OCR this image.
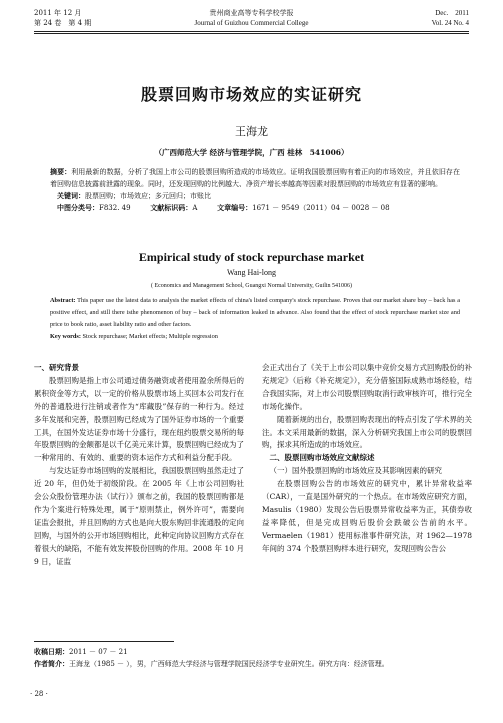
2011 年 12 月
第 24 卷　第 4 期
贵州商业高等专科学校学报
Journal of Guizhou Commercial College
Dec.　2011
Vol. 24 No. 4
股票回购市场效应的实证研究
王海龙
（广西师范大学 经济与管理学院，广西 桂林　541006）
摘要：利用最新的数据，分析了我国上市公司的股票回购所造成的市场效应。证明我国股票回购有着正向的市场效应，并且依旧存在着回购信息披露前泄露的现象。同时，还发现回购的比例越大、净资产增长率越高等因素对股票回购的市场效应有显著的影响。
关键词：股票回购；市场效应；多元回归；市账比
中图分类号：F832. 49	文献标识码：A	文章编号：1671 － 9549（2011）04 － 0028 － 08
Empirical study of stock repurchase market
Wang Hai-long
( Economics and Management School, Guangxi Normal University, Guilin 541006)
Abstract: This paper use the latest data to analysis the market effects of china's listed company's stock repurchase. Proves that our market share buy – back has a positive effect, and still there isthe phenomenon of buy – back of information leaked in advance. Also found that the effect of stock repurchase market size and price to book ratio, asset liability ratio and other factors.
Key words: Stock repurchase; Market effects; Multiple regression
一、研究背景

股票回购是指上市公司通过債务融资或者使用盈余所得后的累积资金等方式，以一定的价格从股票市场上买回本公司发行在外的普通股进行注销或者作为“库藏股”保存的一种行为。经过多年发展和完善，股票回购已经成为了国外证券市场的一个重要工具，在国外发达证券市场十分盛行，现在纽约股票交易所的每年股票回购的金额都是以千亿美元来计算，股票回购已经成为了一种常用的、有效的、重要的资本运作方式和利益分配手段。

与发达证券市场回购的发展相比，我国股票回购虽然走过了近 20 年，但仍处于初级阶段。在 2005 年《上市公司回购社会公众股份管理办法（试行）》颁布之前，我国的股票回购都是作为个案进行特殊处理，属于“原则禁止，例外许可”，需要向证监会报批，并且回购的方式也是向大股东购回非流通股的定向回购，与国外的公开市场回购相比，此种定向协议回购方式存在着很大的缺陷，不能有效发挥股份回购的作用。2008 年 10 月 9 日，证监

会正式出台了《关于上市公司以集中竞价交易方式回购股份的补充规定》（后称《补充规定》），充分借鉴国际成熟市场经验，结合我国实际，对上市公司股票回购取消行政审核许可，推行完全市场化操作。

随着新规的出台，股票回购表现出的特点引发了学术界的关注。本文采用最新的数据，深入分析研究我国上市公司的股票回购，探求其所造成的市场效应。

二、股票回购市场效应文献综述
（一）国外股票回购的市场效应及其影响因素的研究

在股票回购公告的市场效应的研究中，累计异常收益率（CAR），一直是国外研究的一个热点。在市场效应研究方面，Masulis（1980）发现公告后股票异常收益率为正，其债券收益率降低，但是完成回购后股价会跌破公告前的水平。Vermaelen（1981）使用标准事件研究法，对 1962—1978 年间的 374 个股票回购样本进行研究，发现回购公告公

收稿日期：2011 － 07 － 21
作者简介：王海龙（1985 － ），男，广西师范大学经济与管理学院国民经济学专业研究生。研究方向：经济管理。
· 28 ·
